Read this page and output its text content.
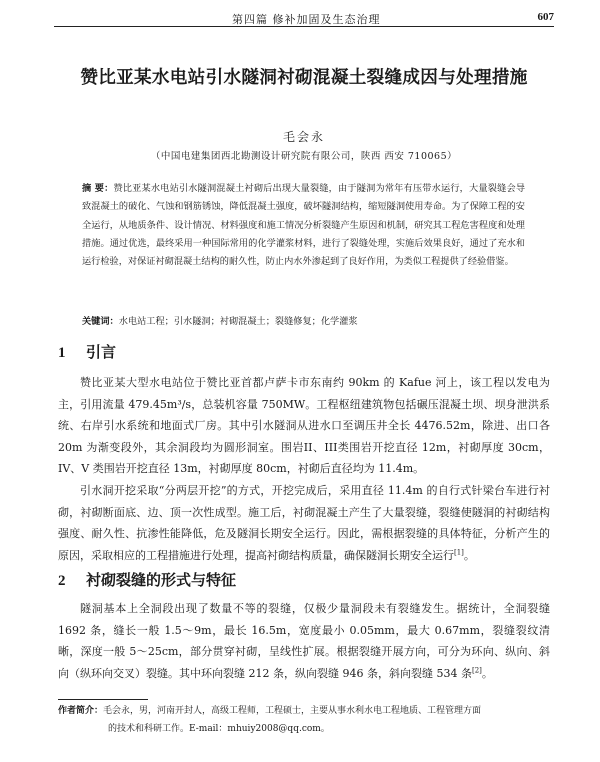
第四篇 修补加固及生态治理	607
赞比亚某水电站引水隧洞衬砌混凝土裂缝成因与处理措施
毛会永
（中国电建集团西北勘测设计研究院有限公司，陕西 西安 710065）
摘 要：赞比亚某水电站引水隧洞混凝土衬砌后出现大量裂缝，由于隧洞为常年有压带水运行，大量裂缝会导致混凝土的破化、气蚀和钢筋锈蚀，降低混凝土强度，破坏隧洞结构，缩短隧洞使用寿命。为了保障工程的安全运行，从地质条件、设计情况、材料强度和施工情况分析裂缝产生原因和机制，研究其工程危害程度和处理措施。通过优选，最终采用一种国际常用的化学灌浆材料，进行了裂缝处理，实施后效果良好，通过了充水和运行检验，对保证衬砌混凝土结构的耐久性，防止内水外渗起到了良好作用，为类似工程提供了经验借鉴。
关键词：水电站工程；引水隧洞；衬砌混凝土；裂缝修复；化学灌浆
1 引言

赞比亚某大型水电站位于赞比亚首都卢萨卡市东南约 90km 的 Kafue 河上，该工程以发电为主，引用流量 479.45m³/s，总装机容量 750MW。工程枢纽建筑物包括碾压混凝土坝、坝身泄洪系统、右岸引水系统和地面式厂房。其中引水隧洞从进水口至调压井全长 4476.52m，除进、出口各 20m 为渐变段外，其余洞段均为圆形洞室。围岩II、III类围岩开挖直径 12m，衬砌厚度 30cm，IV、V 类围岩开挖直径 13m，衬砌厚度 80cm，衬砌后直径均为 11.4m。

引水洞开挖采取“分两层开挖”的方式，开挖完成后，采用直径 11.4m 的自行式针梁台车进行衬砌，衬砌断面底、边、顶一次性成型。施工后，衬砌混凝土产生了大量裂缝，裂缝使隧洞的衬砌结构强度、耐久性、抗渗性能降低，危及隧洞长期安全运行。因此，需根据裂缝的具体特征，分析产生的原因，采取相应的工程措施进行处理，提高衬砌结构质量，确保隧洞长期安全运行[1]。

2 衬砌裂缝的形式与特征

隧洞基本上全洞段出现了数量不等的裂缝，仅极少量洞段未有裂缝发生。据统计，全洞裂缝 1692 条，缝长一般 1.5～9m，最长 16.5m，宽度最小 0.05mm，最大 0.67mm，裂缝裂纹清晰，深度一般 5～25cm，部分贯穿衬砌，呈线性扩展。根据裂缝开展方向，可分为环向、纵向、斜向（纵环向交叉）裂缝。其中环向裂缝 212 条，纵向裂缝 946 条，斜向裂缝 534 条[2]。

作者简介：毛会永，男，河南开封人，高级工程师，工程硕士，主要从事水利水电工程地质、工程管理方面
的技术和科研工作。E-mail：mhuiy2008@qq.com。
